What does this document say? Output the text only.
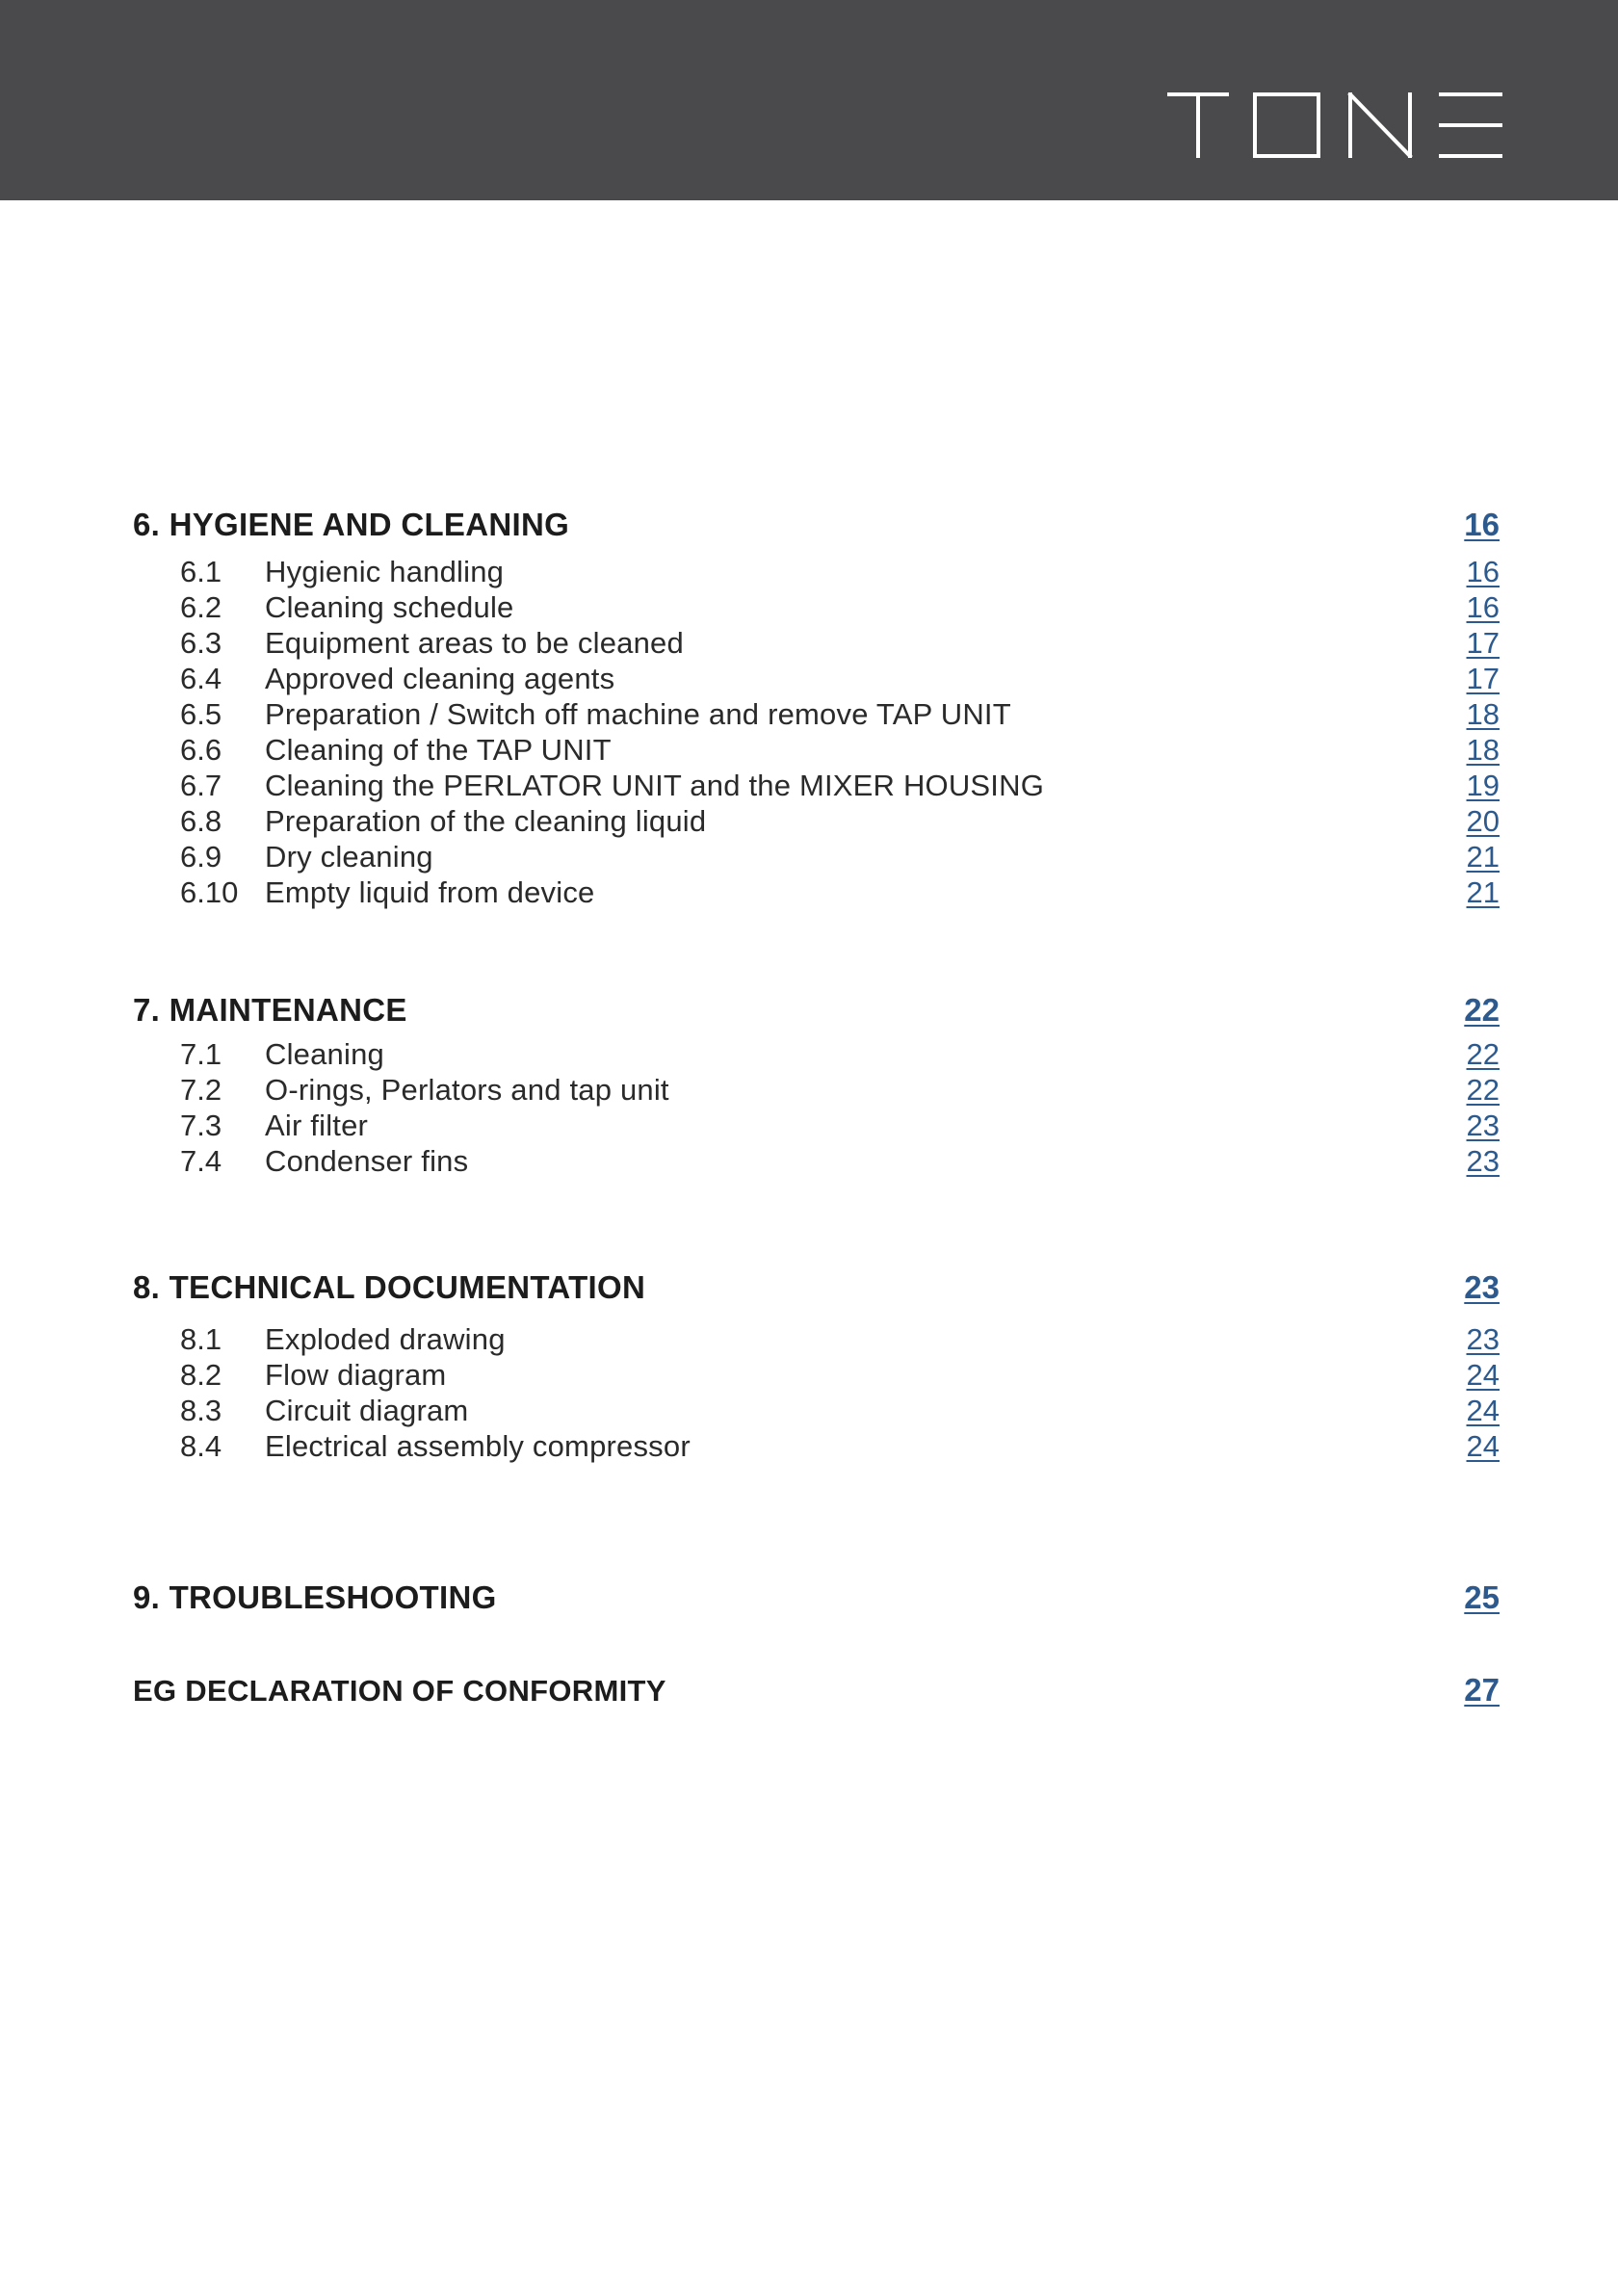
6. HYGIENE AND CLEANING	16
6.1 Hygienic handling	16
6.2 Cleaning schedule	16
6.3 Equipment areas to be cleaned	17
6.4 Approved cleaning agents	17
6.5 Preparation / Switch off machine and remove TAP UNIT	18
6.6 Cleaning of the TAP UNIT	18
6.7 Cleaning the PERLATOR UNIT and the MIXER HOUSING	19
6.8 Preparation of the cleaning liquid	20
6.9 Dry cleaning	21
6.10 Empty liquid from device	21
7. MAINTENANCE	22
7.1 Cleaning	22
7.2 O-rings, Perlators and tap unit	22
7.3 Air filter	23
7.4 Condenser fins	23
8. TECHNICAL DOCUMENTATION	23
8.1 Exploded drawing	23
8.2 Flow diagram	24
8.3 Circuit diagram	24
8.4 Electrical assembly compressor	24
9. TROUBLESHOOTING	25
EG DECLARATION OF CONFORMITY	27
